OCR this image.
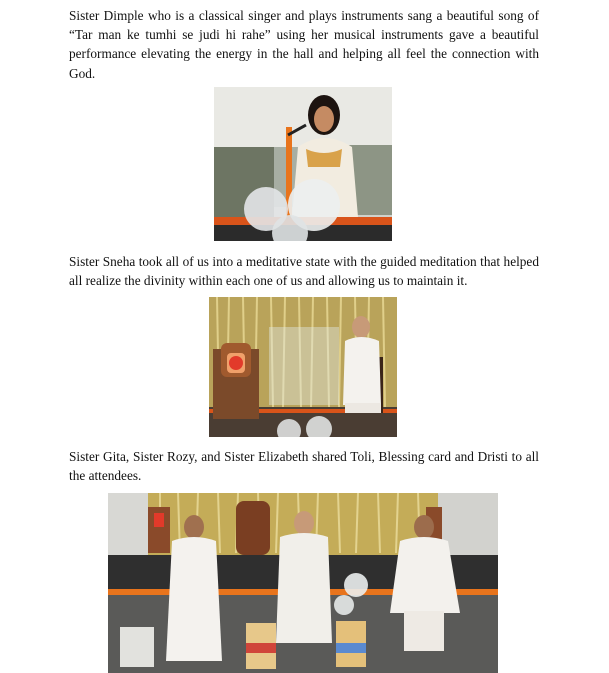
Sister Dimple who is a classical singer and plays instruments sang a beautiful song of “Tar man ke tumhi se judi hi rahe” using her musical instruments gave a beautiful performance elevating the energy in the hall and helping all feel the connection with God.

Sister Sneha took all of us into a meditative state with the guided meditation that helped all realize the divinity within each one of us and allowing us to maintain it.

Sister Gita, Sister Rozy, and Sister Elizabeth shared Toli, Blessing card and Dristi to all the attendees.
